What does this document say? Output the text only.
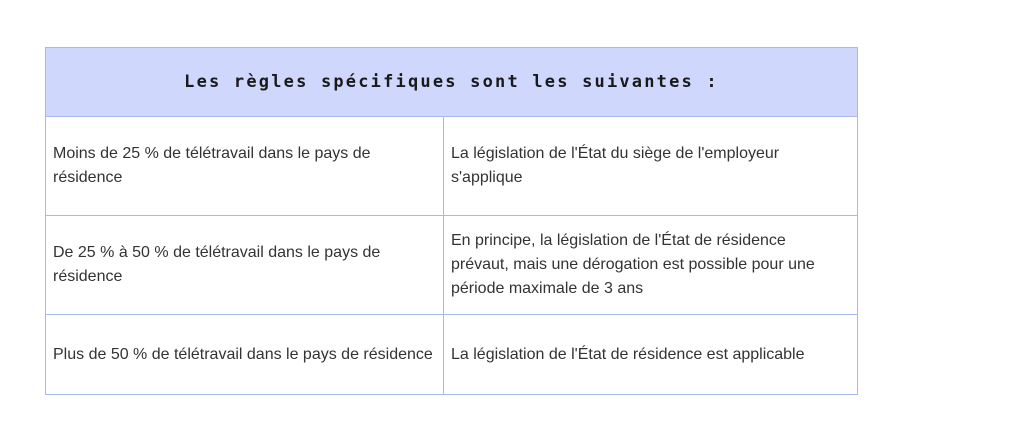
Les règles spécifiques sont les suivantes :	
Moins de 25 % de télétravail dans le pays de résidence	La législation de l'État du siège de l'employeur s'applique
De 25 % à 50 % de télétravail dans le pays de résidence	En principe, la législation de l'État de résidence prévaut, mais une dérogation est possible pour une période maximale de 3 ans
Plus de 50 % de télétravail dans le pays de résidence	La législation de l'État de résidence est applicable
